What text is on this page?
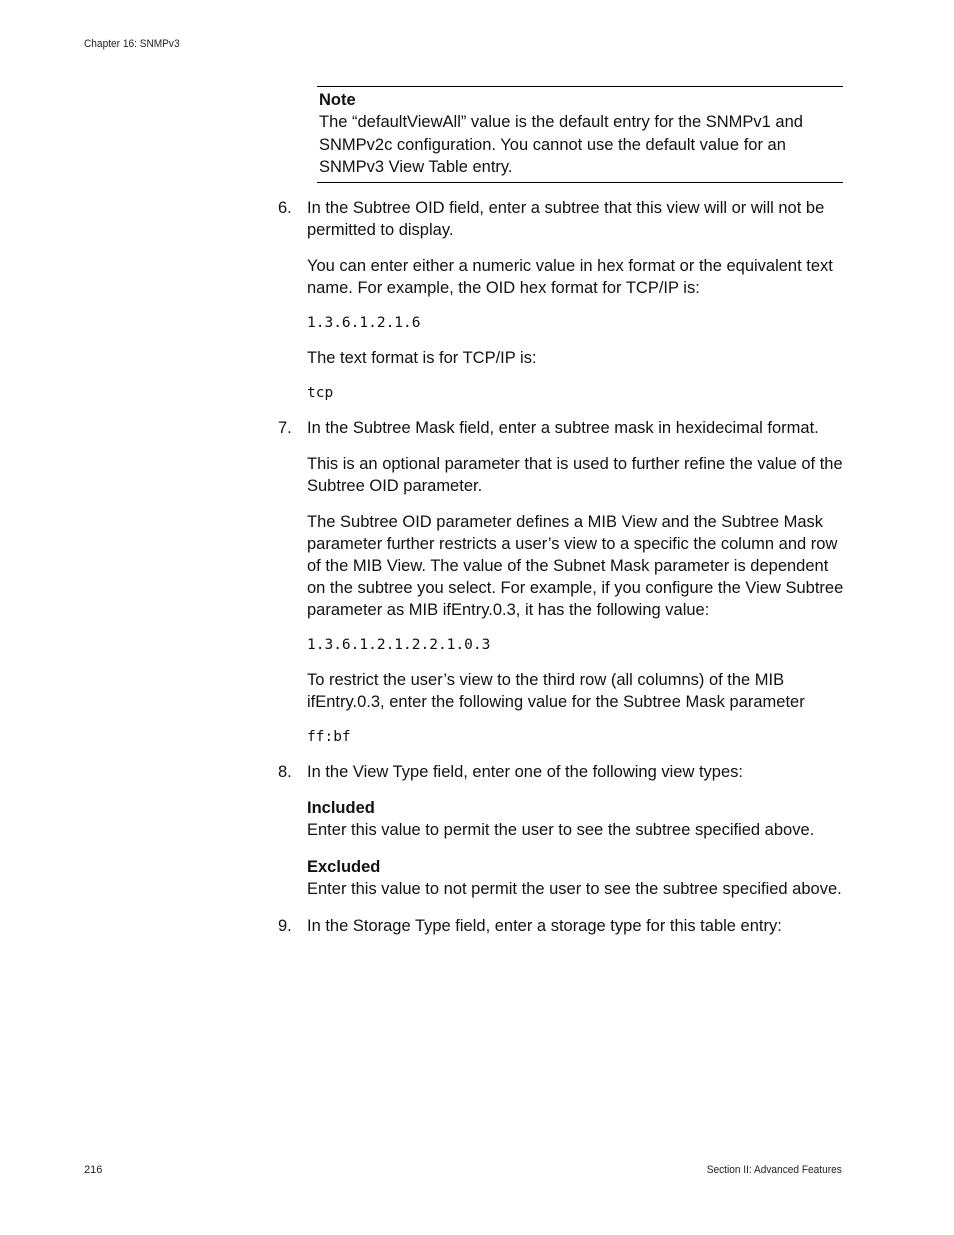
Chapter 16: SNMPv3
Note
The “defaultViewAll” value is the default entry for the SNMPv1 and SNMPv2c configuration. You cannot use the default value for an SNMPv3 View Table entry.
6. In the Subtree OID field, enter a subtree that this view will or will not be permitted to display.

You can enter either a numeric value in hex format or the equivalent text name. For example, the OID hex format for TCP/IP is:

1.3.6.1.2.1.6

The text format is for TCP/IP is:

tcp
7. In the Subtree Mask field, enter a subtree mask in hexidecimal format.

This is an optional parameter that is used to further refine the value of the Subtree OID parameter.

The Subtree OID parameter defines a MIB View and the Subtree Mask parameter further restricts a user’s view to a specific the column and row of the MIB View. The value of the Subnet Mask parameter is dependent on the subtree you select. For example, if you configure the View Subtree parameter as MIB ifEntry.0.3, it has the following value:

1.3.6.1.2.1.2.2.1.0.3

To restrict the user’s view to the third row (all columns) of the MIB ifEntry.0.3, enter the following value for the Subtree Mask parameter

ff:bf
8. In the View Type field, enter one of the following view types:
Included
Enter this value to permit the user to see the subtree specified above.
Excluded
Enter this value to not permit the user to see the subtree specified above.
9. In the Storage Type field, enter a storage type for this table entry:
216	Section II: Advanced Features
